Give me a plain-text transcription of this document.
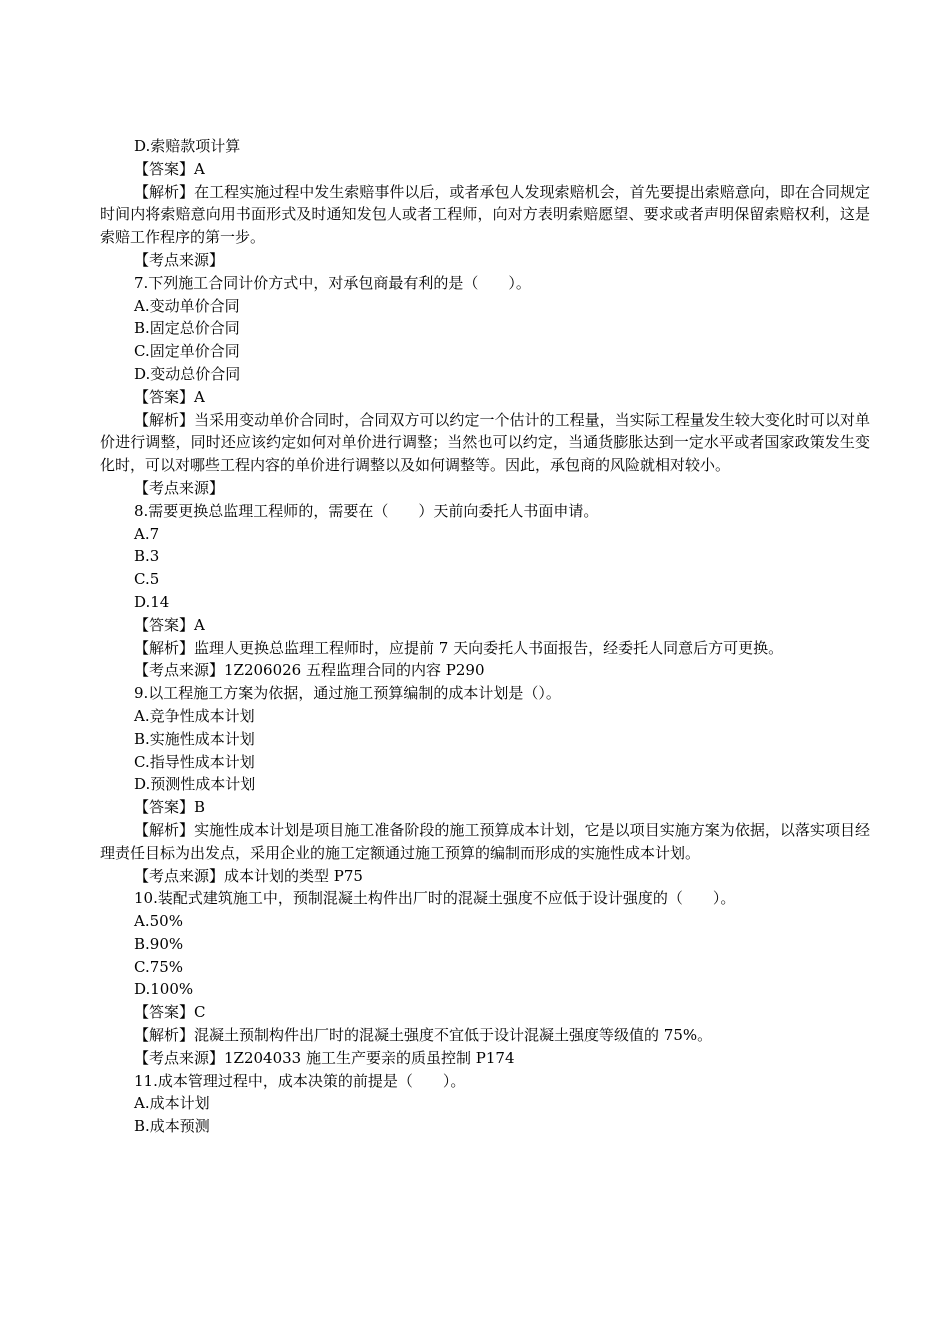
D.索赔款项计算
【答案】A
【解析】在工程实施过程中发生索赔事件以后，或者承包人发现索赔机会，首先要提出索赔意向，即在合同规定时间内将索赔意向用书面形式及时通知发包人或者工程师，向对方表明索赔愿望、要求或者声明保留索赔权利，这是索赔工作程序的第一步。
【考点来源】
7.下列施工合同计价方式中，对承包商最有利的是（　　）。
A.变动单价合同
B.固定总价合同
C.固定单价合同
D.变动总价合同
【答案】A
【解析】当采用变动单价合同时，合同双方可以约定一个估计的工程量，当实际工程量发生较大变化时可以对单价进行调整，同时还应该约定如何对单价进行调整；当然也可以约定，当通货膨胀达到一定水平或者国家政策发生变化时，可以对哪些工程内容的单价进行调整以及如何调整等。因此，承包商的风险就相对较小。
【考点来源】
8.需要更换总监理工程师的，需要在（　　）天前向委托人书面申请。
A.7
B.3
C.5
D.14
【答案】A
【解析】监理人更换总监理工程师时，应提前 7 天向委托人书面报告，经委托人同意后方可更换。
【考点来源】1Z206026 五程监理合同的内容 P290
9.以工程施工方案为依据，通过施工预算编制的成本计划是（）。
A.竞争性成本计划
B.实施性成本计划
C.指导性成本计划
D.预测性成本计划
【答案】B
【解析】实施性成本计划是项目施工准备阶段的施工预算成本计划，它是以项目实施方案为依据，以落实项目经理责任目标为出发点，采用企业的施工定额通过施工预算的编制而形成的实施性成本计划。
【考点来源】成本计划的类型 P75
10.装配式建筑施工中，预制混凝土构件出厂时的混凝土强度不应低于设计强度的（　　）。
A.50%
B.90%
C.75%
D.100%
【答案】C
【解析】混凝土预制构件出厂时的混凝土强度不宜低于设计混凝土强度等级值的 75%。
【考点来源】1Z204033 施工生产要亲的质虽控制 P174
11.成本管理过程中，成本决策的前提是（　　）。
A.成本计划
B.成本预测
